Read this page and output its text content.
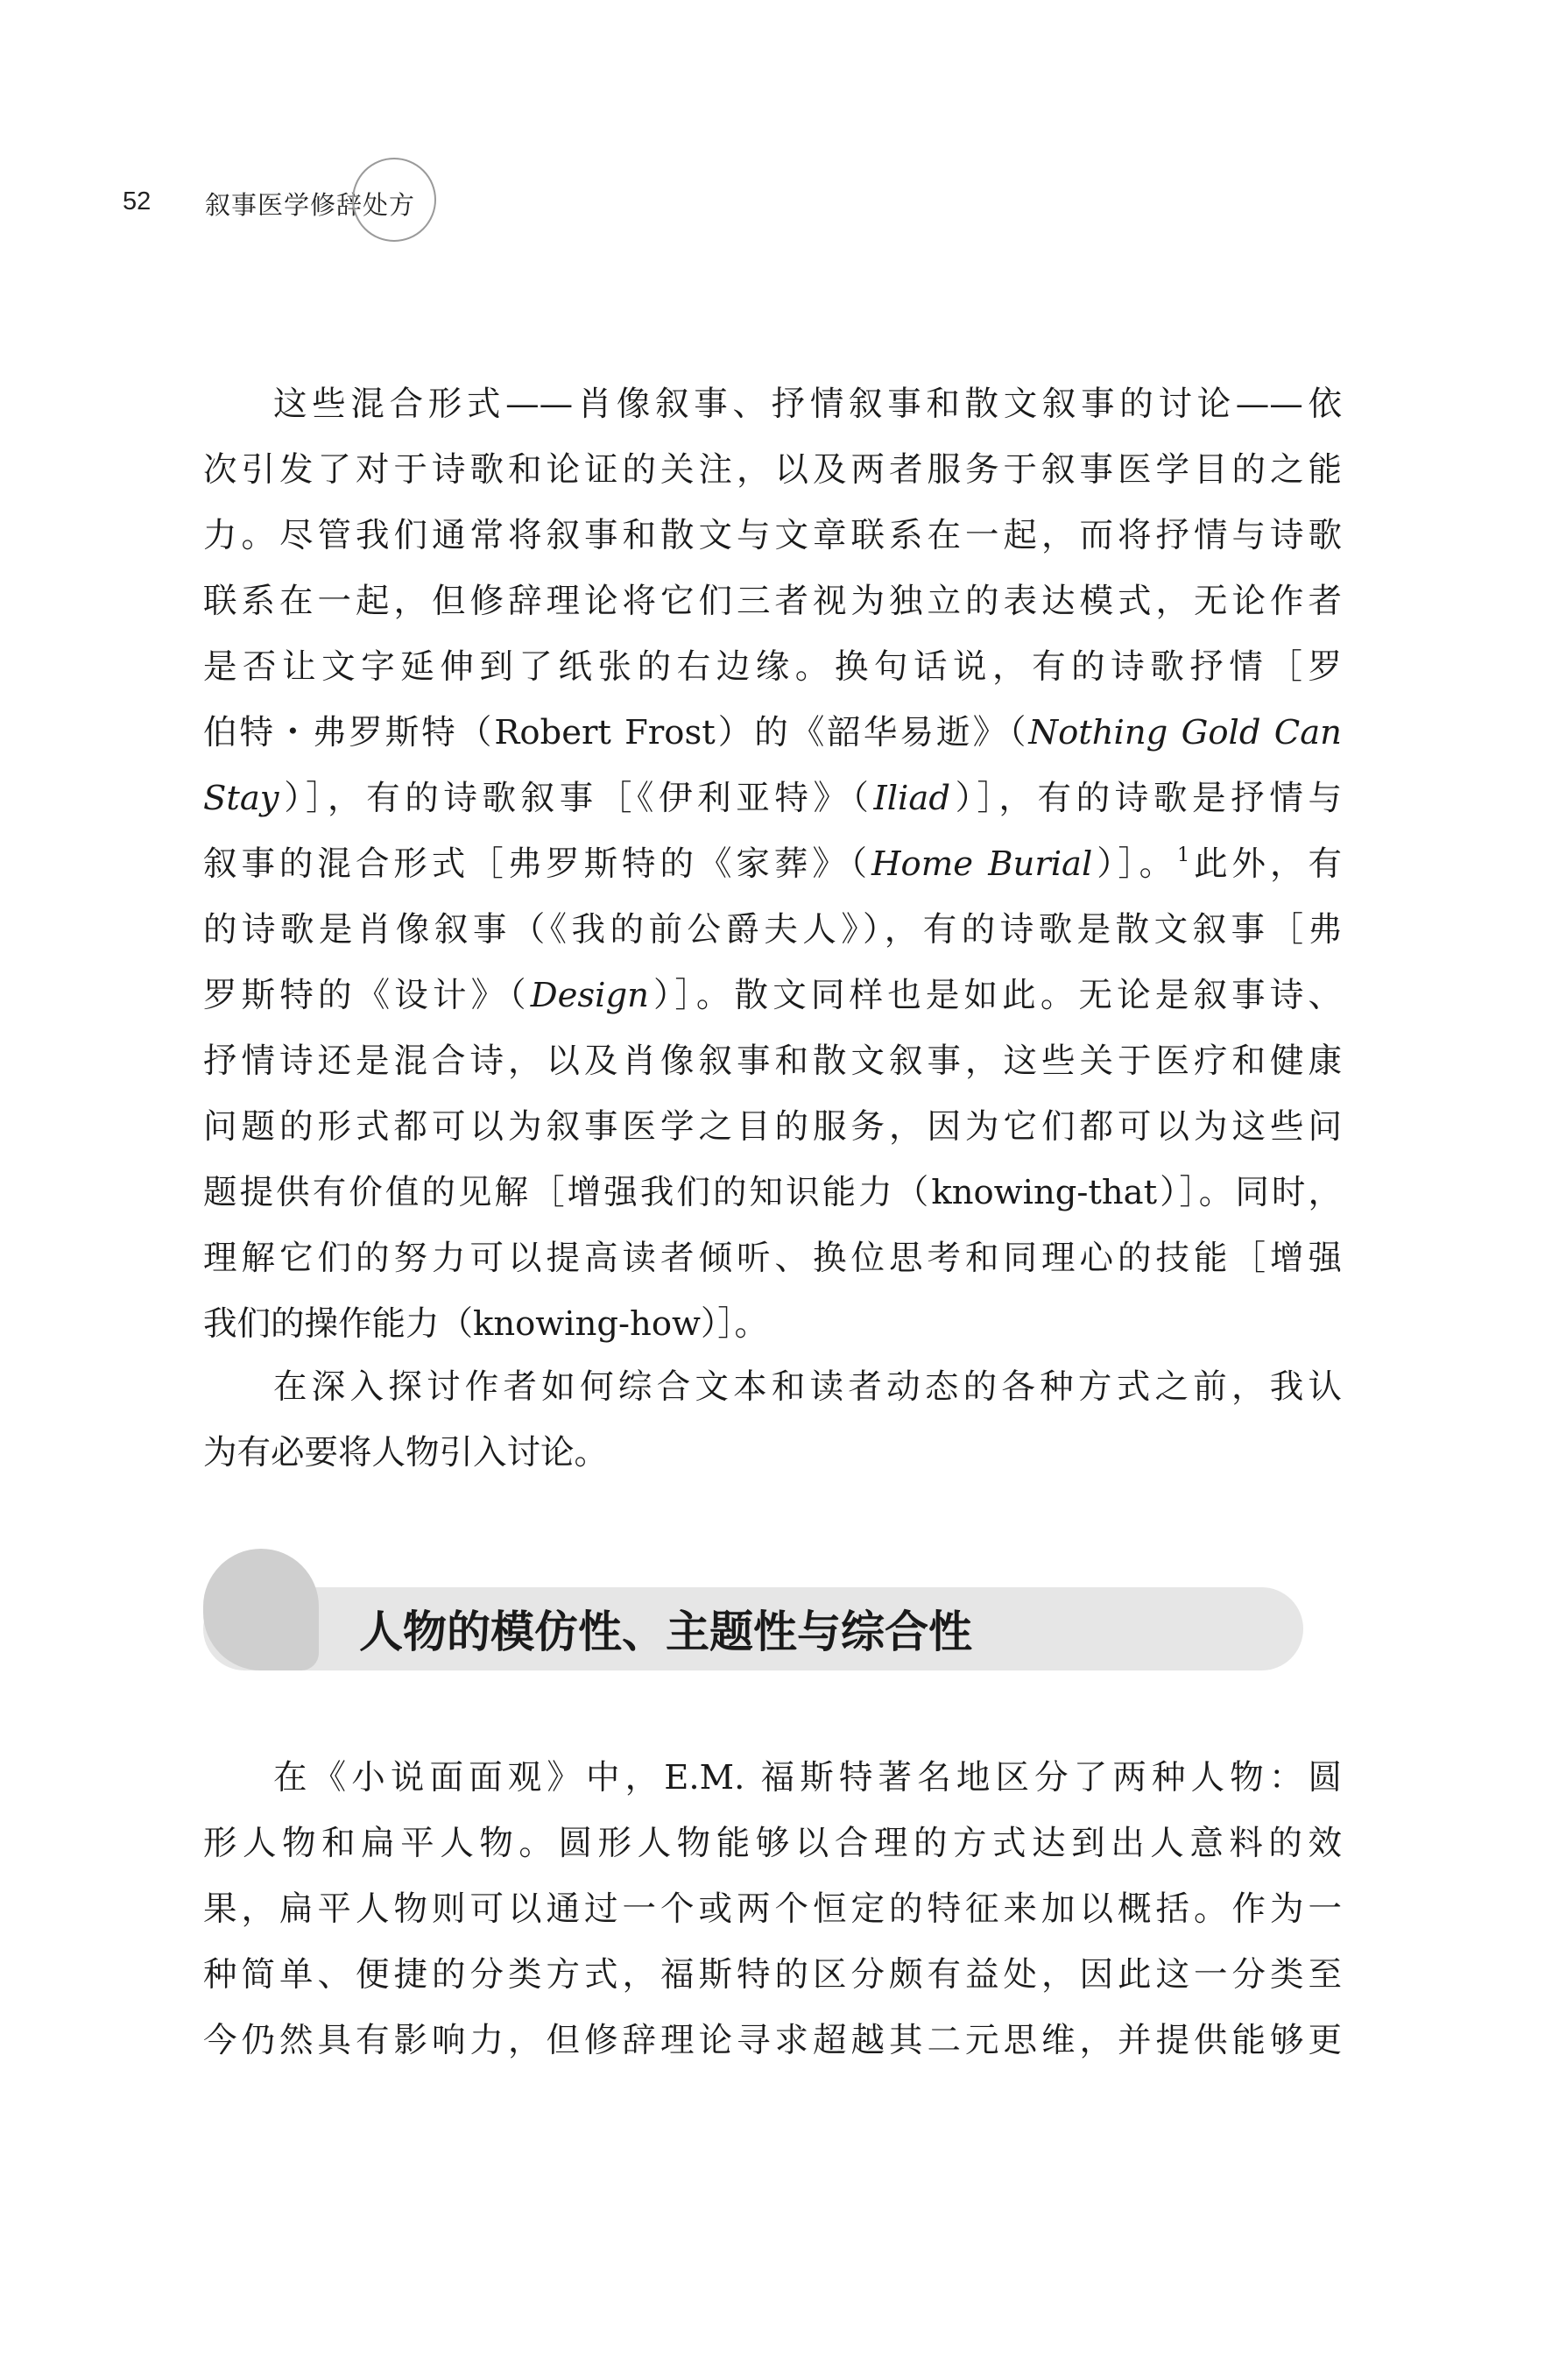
52 叙事医学修辞处方
这些混合形式——肖像叙事、抒情叙事和散文叙事的讨论——依
次引发了对于诗歌和论证的关注，以及两者服务于叙事医学目的之能
力。尽管我们通常将叙事和散文与文章联系在一起，而将抒情与诗歌
联系在一起，但修辞理论将它们三者视为独立的表达模式，无论作者
是否让文字延伸到了纸张的右边缘。换句话说，有的诗歌抒情［罗
伯特・弗罗斯特（Robert Frost）的《韶华易逝》（Nothing Gold Can
Stay）］，有的诗歌叙事［《伊利亚特》（Iliad）］，有的诗歌是抒情与
叙事的混合形式［弗罗斯特的《家葬》（Home Burial）］。$^1$此外，有
的诗歌是肖像叙事（《我的前公爵夫人》），有的诗歌是散文叙事［弗
罗斯特的《设计》（Design）］。散文同样也是如此。无论是叙事诗、
抒情诗还是混合诗，以及肖像叙事和散文叙事，这些关于医疗和健康
问题的形式都可以为叙事医学之目的服务，因为它们都可以为这些问
题提供有价值的见解［增强我们的知识能力（knowing-that）］。同时，
理解它们的努力可以提高读者倾听、换位思考和同理心的技能［增强
我们的操作能力（knowing-how）］。
在深入探讨作者如何综合文本和读者动态的各种方式之前，我认
为有必要将人物引入讨论。
人物的模仿性、主题性与综合性
在《小说面面观》中，E.M. 福斯特著名地区分了两种人物：圆
形人物和扁平人物。圆形人物能够以合理的方式达到出人意料的效
果，扁平人物则可以通过一个或两个恒定的特征来加以概括。作为一
种简单、便捷的分类方式，福斯特的区分颇有益处，因此这一分类至
今仍然具有影响力，但修辞理论寻求超越其二元思维，并提供能够更
